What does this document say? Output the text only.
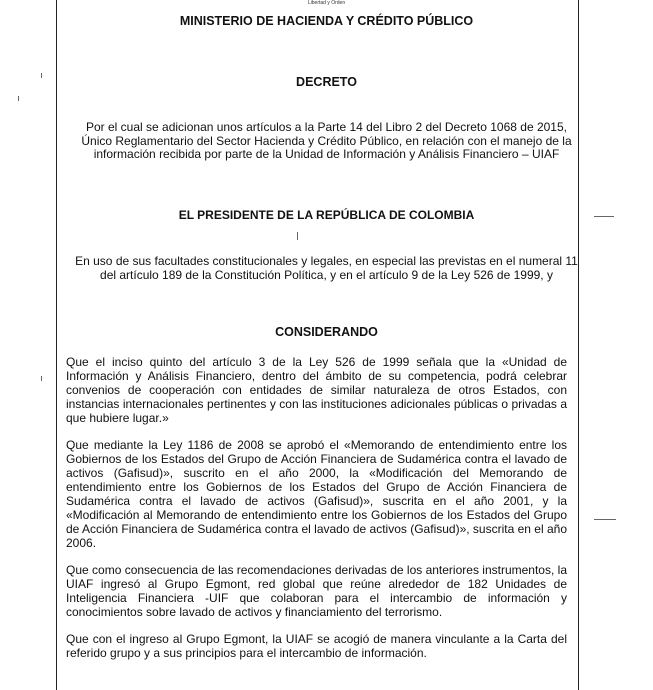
Libertad y Orden
MINISTERIO DE HACIENDA Y CRÉDITO PÚBLICO
DECRETO
Por el cual se adicionan unos artículos a la Parte 14 del Libro 2 del Decreto 1068 de 2015, Único Reglamentario del Sector Hacienda y Crédito Público, en relación con el manejo de la información recibida por parte de la Unidad de Información y Análisis Financiero – UIAF
EL PRESIDENTE DE LA REPÚBLICA DE COLOMBIA
En uso de sus facultades constitucionales y legales, en especial las previstas en el numeral 11 del artículo 189 de la Constitución Política, y en el artículo 9 de la Ley 526 de 1999, y
CONSIDERANDO

Que el inciso quinto del artículo 3 de la Ley 526 de 1999 señala que la «Unidad de Información y Análisis Financiero, dentro del ámbito de su competencia, podrá celebrar convenios de cooperación con entidades de similar naturaleza de otros Estados, con instancias internacionales pertinentes y con las instituciones adicionales públicas o privadas a que hubiere lugar.»

Que mediante la Ley 1186 de 2008 se aprobó el «Memorando de entendimiento entre los Gobiernos de los Estados del Grupo de Acción Financiera de Sudamérica contra el lavado de activos (Gafisud)», suscrito en el año 2000, la «Modificación del Memorando de entendimiento entre los Gobiernos de los Estados del Grupo de Acción Financiera de Sudamérica contra el lavado de activos (Gafisud)», suscrita en el año 2001, y la «Modificación al Memorando de entendimiento entre los Gobiernos de los Estados del Grupo de Acción Financiera de Sudamérica contra el lavado de activos (Gafisud)», suscrita en el año 2006.

Que como consecuencia de las recomendaciones derivadas de los anteriores instrumentos, la UIAF ingresó al Grupo Egmont, red global que reúne alrededor de 182 Unidades de Inteligencia Financiera -UIF que colaboran para el intercambio de información y conocimientos sobre lavado de activos y financiamiento del terrorismo.

Que con el ingreso al Grupo Egmont, la UIAF se acogió de manera vinculante a la Carta del referido grupo y a sus principios para el intercambio de información.
